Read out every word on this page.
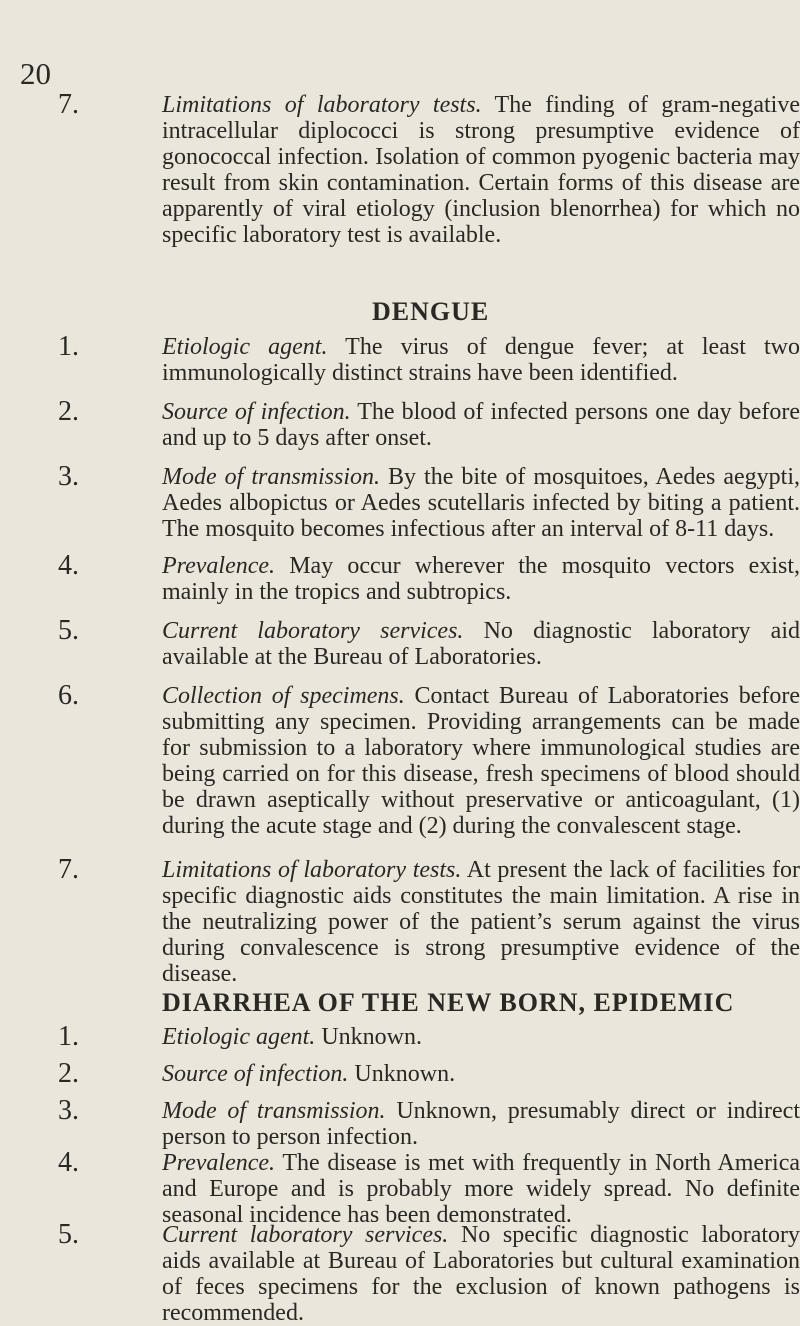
20
7.	Limitations of laboratory tests. The finding of gram-negative intracellular diplococci is strong presumptive evidence of gonococcal infection. Isolation of common pyogenic bacteria may result from skin contamination. Certain forms of this disease are apparently of viral etiology (inclusion blenorrhea) for which no specific laboratory test is available.
DENGUE
1.	Etiologic agent. The virus of dengue fever; at least two immunologically distinct strains have been identified.
2.	Source of infection. The blood of infected persons one day before and up to 5 days after onset.
3.	Mode of transmission. By the bite of mosquitoes, Aedes aegypti, Aedes albopictus or Aedes scutellaris infected by biting a patient. The mosquito becomes infectious after an interval of 8-11 days.
4.	Prevalence. May occur wherever the mosquito vectors exist, mainly in the tropics and subtropics.
5.	Current laboratory services. No diagnostic laboratory aid available at the Bureau of Laboratories.
6.	Collection of specimens. Contact Bureau of Laboratories before submitting any specimen. Providing arrangements can be made for submission to a laboratory where immunological studies are being carried on for this disease, fresh specimens of blood should be drawn aseptically without preservative or anticoagulant, (1) during the acute stage and (2) during the convalescent stage.
7.	Limitations of laboratory tests. At present the lack of facilities for specific diagnostic aids constitutes the main limitation. A rise in the neutralizing power of the patient’s serum against the virus during convalescence is strong presumptive evidence of the disease.
DIARRHEA OF THE NEW BORN, EPIDEMIC
1.	Etiologic agent. Unknown.
2.	Source of infection. Unknown.
3.	Mode of transmission. Unknown, presumably direct or indirect person to person infection.
4.	Prevalence. The disease is met with frequently in North America and Europe and is probably more widely spread. No definite seasonal incidence has been demonstrated.
5.	Current laboratory services. No specific diagnostic laboratory aids available at Bureau of Laboratories but cultural examination of feces specimens for the exclusion of known pathogens is recommended.
